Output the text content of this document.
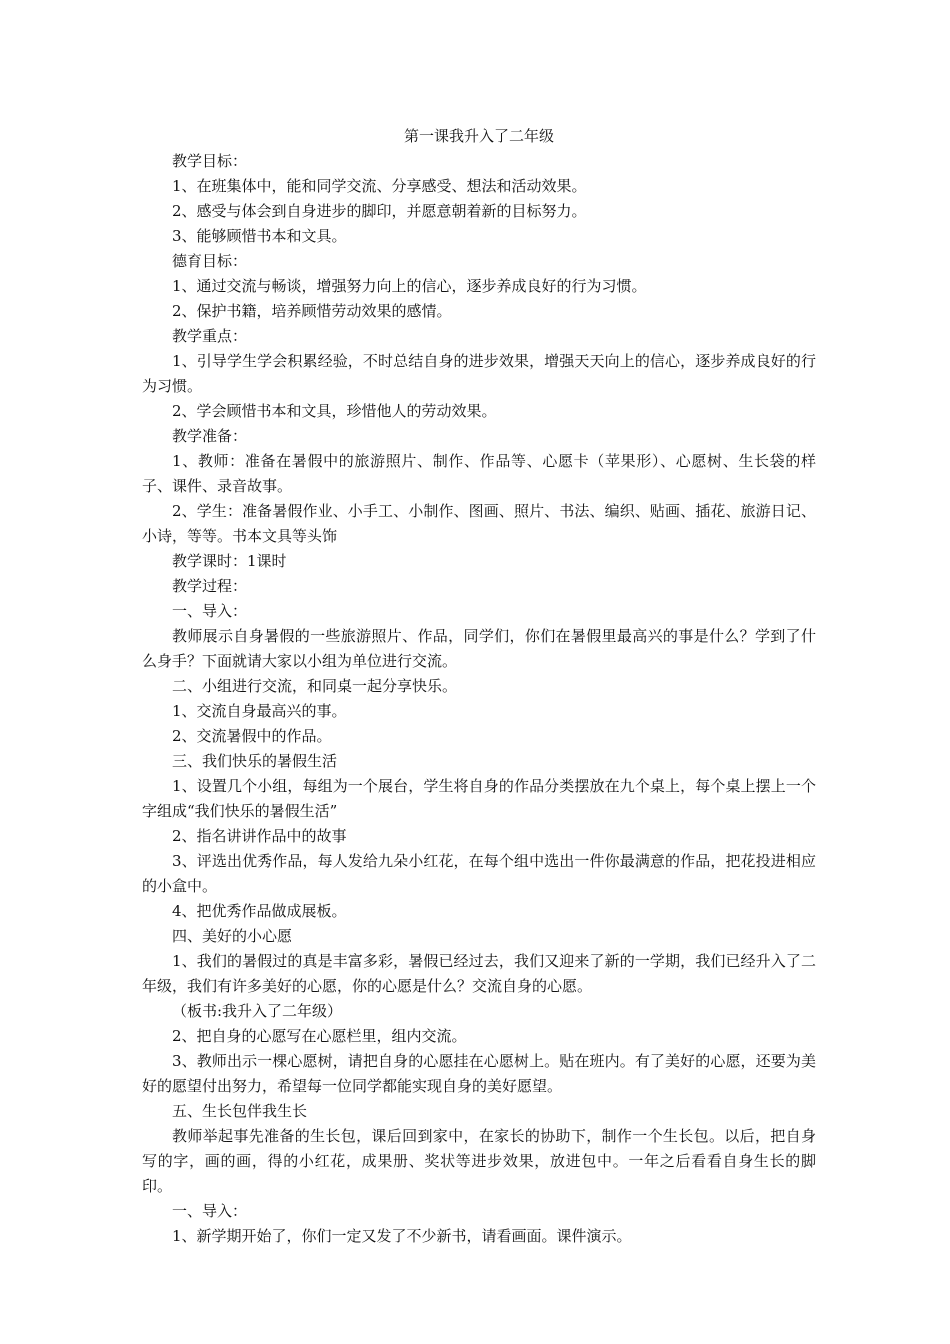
第一课我升入了二年级

教学目标：

1、在班集体中，能和同学交流、分享感受、想法和活动效果。

2、感受与体会到自身进步的脚印，并愿意朝着新的目标努力。

3、能够顾惜书本和文具。

德育目标：

1、通过交流与畅谈，增强努力向上的信心，逐步养成良好的行为习惯。

2、保护书籍，培养顾惜劳动效果的感情。

教学重点：

1、引导学生学会积累经验，不时总结自身的进步效果，增强天天向上的信心，逐步养成良好的行为习惯。

2、学会顾惜书本和文具，珍惜他人的劳动效果。

教学准备：

1、教师：准备在暑假中的旅游照片、制作、作品等、心愿卡（苹果形）、心愿树、生长袋的样子、课件、录音故事。

2、学生：准备暑假作业、小手工、小制作、图画、照片、书法、编织、贴画、插花、旅游日记、小诗，等等。书本文具等头饰

教学课时：1课时

教学过程：

一、导入：

教师展示自身暑假的一些旅游照片、作品，同学们，你们在暑假里最高兴的事是什么？学到了什么身手？下面就请大家以小组为单位进行交流。

二、小组进行交流，和同桌一起分享快乐。

1、交流自身最高兴的事。

2、交流暑假中的作品。

三、我们快乐的暑假生活

1、设置几个小组，每组为一个展台，学生将自身的作品分类摆放在九个桌上，每个桌上摆上一个字组成“我们快乐的暑假生活”

2、指名讲讲作品中的故事

3、评选出优秀作品，每人发给九朵小红花，在每个组中选出一件你最满意的作品，把花投进相应的小盒中。

4、把优秀作品做成展板。

四、美好的小心愿

1、我们的暑假过的真是丰富多彩，暑假已经过去，我们又迎来了新的一学期，我们已经升入了二年级，我们有许多美好的心愿，你的心愿是什么？交流自身的心愿。

（板书:我升入了二年级）

2、把自身的心愿写在心愿栏里，组内交流。

3、教师出示一棵心愿树，请把自身的心愿挂在心愿树上。贴在班内。有了美好的心愿，还要为美好的愿望付出努力，希望每一位同学都能实现自身的美好愿望。

五、生长包伴我生长

教师举起事先准备的生长包，课后回到家中，在家长的协助下，制作一个生长包。以后，把自身写的字，画的画，得的小红花，成果册、奖状等进步效果，放进包中。一年之后看看自身生长的脚印。

一、导入：

1、新学期开始了，你们一定又发了不少新书，请看画面。课件演示。
